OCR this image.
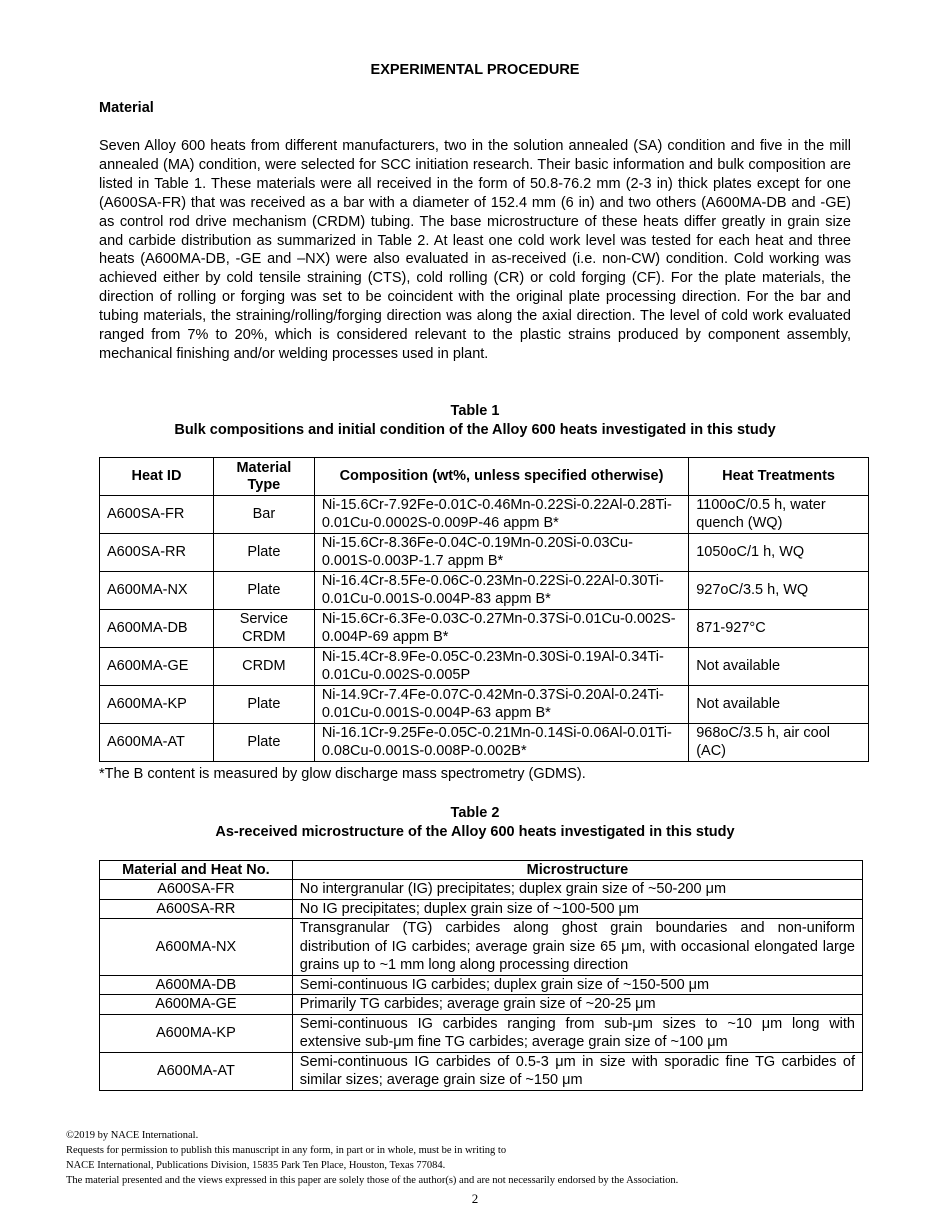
EXPERIMENTAL PROCEDURE
Material
Seven Alloy 600 heats from different manufacturers, two in the solution annealed (SA) condition and five in the mill annealed (MA) condition, were selected for SCC initiation research. Their basic information and bulk composition are listed in Table 1. These materials were all received in the form of 50.8-76.2 mm (2-3 in) thick plates except for one (A600SA-FR) that was received as a bar with a diameter of 152.4 mm (6 in) and two others (A600MA-DB and -GE) as control rod drive mechanism (CRDM) tubing. The base microstructure of these heats differ greatly in grain size and carbide distribution as summarized in Table 2. At least one cold work level was tested for each heat and three heats (A600MA-DB, -GE and –NX) were also evaluated in as-received (i.e. non-CW) condition. Cold working was achieved either by cold tensile straining (CTS), cold rolling (CR) or cold forging (CF). For the plate materials, the direction of rolling or forging was set to be coincident with the original plate processing direction. For the bar and tubing materials, the straining/rolling/forging direction was along the axial direction. The level of cold work evaluated ranged from 7% to 20%, which is considered relevant to the plastic strains produced by component assembly, mechanical finishing and/or welding processes used in plant.
Table 1
Bulk compositions and initial condition of the Alloy 600 heats investigated in this study
Heat ID	Material Type	Composition (wt%, unless specified otherwise)	Heat Treatments
A600SA-FR	Bar	Ni-15.6Cr-7.92Fe-0.01C-0.46Mn-0.22Si-0.22Al-0.28Ti-0.01Cu-0.0002S-0.009P-46 appm B*	1100oC/0.5 h, water quench (WQ)
A600SA-RR	Plate	Ni-15.6Cr-8.36Fe-0.04C-0.19Mn-0.20Si-0.03Cu-0.001S-0.003P-1.7 appm B*	1050oC/1 h, WQ
A600MA-NX	Plate	Ni-16.4Cr-8.5Fe-0.06C-0.23Mn-0.22Si-0.22Al-0.30Ti-0.01Cu-0.001S-0.004P-83 appm B*	927oC/3.5 h, WQ
A600MA-DB	Service CRDM	Ni-15.6Cr-6.3Fe-0.03C-0.27Mn-0.37Si-0.01Cu-0.002S-0.004P-69 appm B*	871-927°C
A600MA-GE	CRDM	Ni-15.4Cr-8.9Fe-0.05C-0.23Mn-0.30Si-0.19Al-0.34Ti-0.01Cu-0.002S-0.005P	Not available
A600MA-KP	Plate	Ni-14.9Cr-7.4Fe-0.07C-0.42Mn-0.37Si-0.20Al-0.24Ti-0.01Cu-0.001S-0.004P-63 appm B*	Not available
A600MA-AT	Plate	Ni-16.1Cr-9.25Fe-0.05C-0.21Mn-0.14Si-0.06Al-0.01Ti-0.08Cu-0.001S-0.008P-0.002B*	968oC/3.5 h, air cool (AC)
*The B content is measured by glow discharge mass spectrometry (GDMS).
Table 2
As-received microstructure of the Alloy 600 heats investigated in this study
Material and Heat No.	Microstructure
A600SA-FR	No intergranular (IG) precipitates; duplex grain size of ~50-200 μm
A600SA-RR	No IG precipitates; duplex grain size of ~100-500 μm
A600MA-NX	Transgranular (TG) carbides along ghost grain boundaries and non-uniform distribution of IG carbides; average grain size 65 μm, with occasional elongated large grains up to ~1 mm long along processing direction
A600MA-DB	Semi-continuous IG carbides; duplex grain size of ~150-500 μm
A600MA-GE	Primarily TG carbides; average grain size of ~20-25 μm
A600MA-KP	Semi-continuous IG carbides ranging from sub-μm sizes to ~10 μm long with extensive sub-μm fine TG carbides; average grain size of ~100 μm
A600MA-AT	Semi-continuous IG carbides of 0.5-3 μm in size with sporadic fine TG carbides of similar sizes; average grain size of ~150 μm
©2019 by NACE International.
Requests for permission to publish this manuscript in any form, in part or in whole, must be in writing to
NACE International, Publications Division, 15835 Park Ten Place, Houston, Texas 77084.
The material presented and the views expressed in this paper are solely those of the author(s) and are not necessarily endorsed by the Association.
2
